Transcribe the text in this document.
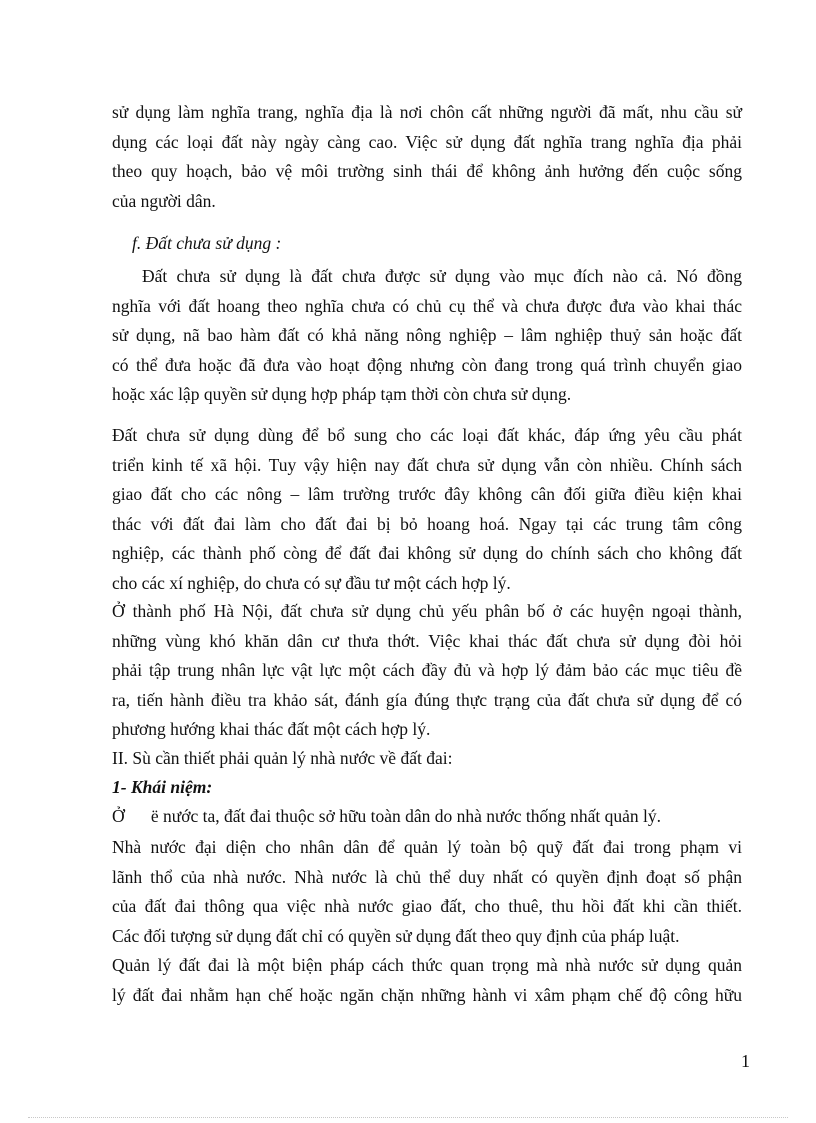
sử dụng làm nghĩa trang, nghĩa địa là nơi chôn cất những người đã mất, nhu cầu sử
dụng các loại đất này ngày càng cao. Việc sử dụng đất nghĩa trang nghĩa địa phải
theo quy hoạch, bảo vệ môi trường sinh thái để không ảnh hưởng đến cuộc sống
của người dân.
f. Đất chưa sử dụng :
Đất chưa sử dụng là đất chưa được sử dụng vào mục đích nào cả. Nó đồng
nghĩa với đất hoang theo nghĩa chưa có chủ cụ thể và chưa được đưa vào khai thác
sử dụng, nã bao hàm đất có khả năng nông nghiệp – lâm nghiệp thuỷ sản hoặc đất
có thể đưa hoặc đã đưa vào hoạt động nhưng còn đang trong quá trình chuyển giao
hoặc xác lập quyền sử dụng hợp pháp tạm thời còn chưa sử dụng.
Đất chưa sử dụng dùng để bổ sung cho các loại đất khác, đáp ứng yêu cầu phát
triển kinh tế xã hội. Tuy vậy hiện nay đất chưa sử dụng vẫn còn nhiều. Chính sách
giao đất cho các nông – lâm trường trước đây không cân đối giữa điều kiện khai
thác với đất đai làm cho đất đai bị bỏ hoang hoá. Ngay tại các trung tâm công
nghiệp, các thành phố còng để đất đai không sử dụng do chính sách cho không đất
cho các xí nghiệp, do chưa có sự đầu tư một cách hợp lý.
Ở thành phố Hà Nội, đất chưa sử dụng chủ yếu phân bố ở các huyện ngoại thành,
những vùng khó khăn dân cư thưa thớt. Việc khai thác đất chưa sử dụng đòi hỏi
phải tập trung nhân lực vật lực một cách đầy đủ và hợp lý đảm bảo các mục tiêu đề
ra, tiến hành điều tra khảo sát, đánh gía đúng thực trạng của đất chưa sử dụng để có
phương hướng khai thác đất một cách hợp lý.
II. Sù cần thiết phải quản lý nhà nước về đất đai:
1- Khái niệm:
Ở      ë nước ta, đất đai thuộc sở hữu toàn dân do nhà nước thống nhất quản lý.
Nhà nước đại diện cho nhân dân để quản lý toàn bộ quỹ đất đai trong phạm vi
lãnh thổ của nhà nước. Nhà nước là chủ thể duy nhất có quyền định đoạt số phận
của đất đai thông qua việc nhà nước giao đất, cho thuê, thu hồi đất khi cần thiết.
Các đối tượng sử dụng đất chỉ có quyền sử dụng đất theo quy định của pháp luật.
Quản lý đất đai là một biện pháp cách thức quan trọng mà nhà nước sử dụng quản
lý đất đai nhằm hạn chế hoặc ngăn chặn những hành vi xâm phạm chế độ công hữu
1
